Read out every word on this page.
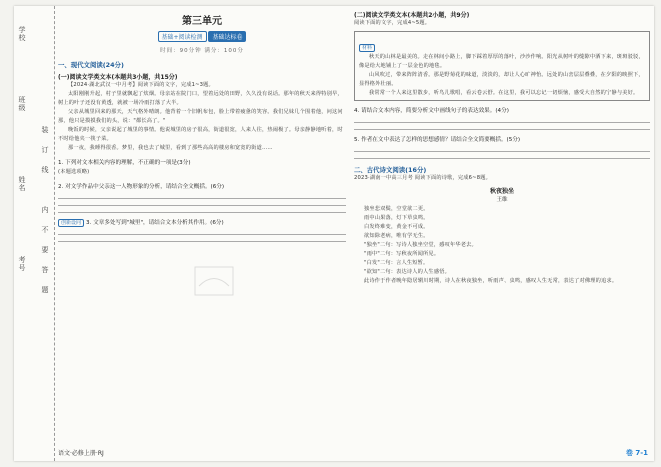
学校
班级
姓名
考号
装
订
线
内
不
要
答
题
第三单元
基础+阅读检测 基础达标卷
时间：90分钟 满分：100分
一、现代文阅读(24分)
(一)阅读文学类文本(本题共3小题，共15分)

【2024·湖北武汉一中月考】阅读下面的文字，完成1~3题。

太阳刚刚升起，村子里就飘起了炊烟。母亲站在院门口，望着远处的田野，久久没有说话。那年的秋天来得特别早，树上的叶子还没有黄透，就被一场冷雨打落了大半。

父亲从城里回来的那天，天气格外晴朗。他背着一个旧帆布包，脸上带着疲惫的笑容。我们兄妹几个围着他，问这问那，他只是摸摸我们的头，说："都长高了。"

晚饭的时候，父亲说起了城里的事情。他说城里的房子很高，街道很宽，人来人往，热闹极了。母亲静静地听着，时不时给他夹一筷子菜。

那一夜，我睡得很香。梦里，我也去了城里，看到了那些高高的楼房和宽宽的街道……

1. 下列对文本相关内容的理解，不正确的一项是(3分)
(本题选项略)
2. 对文学作品中父亲这一人物形象的分析，请结合全文概括。(6分)
创新设问 3. 文章多处写到"城里"，请结合文本分析其作用。(6分)
(二)阅读文学类文本(本题共2小题，共9分)
阅读下面的文字，完成4~5题。
材料

秋天的山林是最美的。走在林间小路上，脚下踩着厚厚的落叶，沙沙作响。阳光从树叶的缝隙中洒下来，斑斑驳驳，像是给大地铺上了一层金色的地毯。

山风吹过，带来阵阵清香。那是野菊花的味道，淡淡的，却让人心旷神怡。远处的山峦层层叠叠，在夕阳的映照下，显得格外壮丽。

我常常一个人来这里散步，听鸟儿歌唱，看云卷云舒。在这里，我可以忘记一切烦恼，感受大自然的宁静与美好。

4. 请结合文本内容，简要分析文中画线句子的表达效果。(4分)
5. 作者在文中表达了怎样的思想感情？请结合全文简要概括。(5分)
二、古代诗文阅读(16分)
2023·湖南一中高三月考 阅读下面的诗歌，完成6~8题。
秋夜独坐
王维

独坐悲双鬓，空堂欲二更。

雨中山果落，灯下草虫鸣。

白发终难变，黄金不可成。

欲知除老病，唯有学无生。

"独坐"二句：写诗人独坐空堂，感叹年华老去。

"雨中"二句：写秋夜所闻所见。

"白发"二句：言人生短暂。

"欲知"二句：表达诗人的人生感悟。

此诗作于作者晚年隐居辋川时期，诗人在秋夜独坐，听雨声、虫鸣，感叹人生无常，表达了对佛理的追求。

语文·必修上册·RJ	卷 7-1
